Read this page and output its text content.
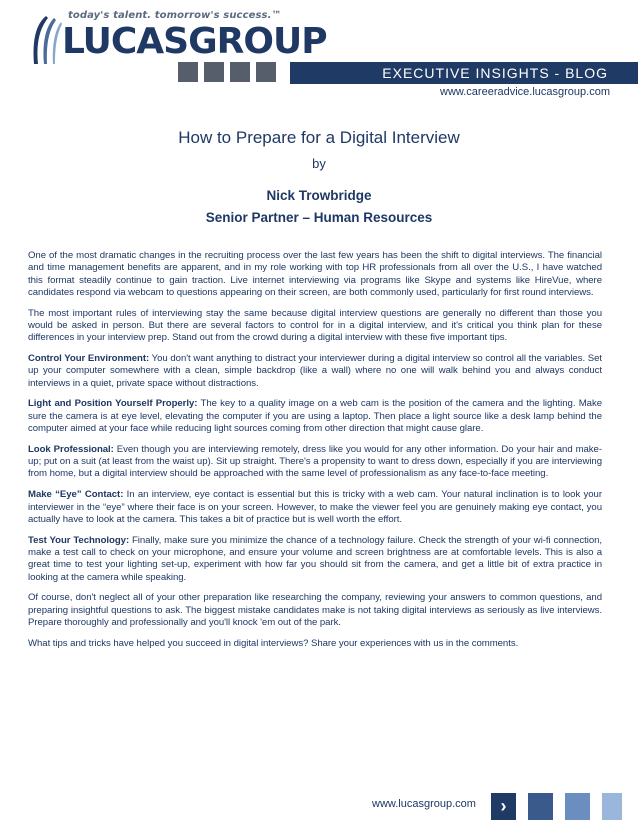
today's talent. tomorrow's success.™
LUCASGROUP
EXECUTIVE INSIGHTS - BLOG
www.careeradvice.lucasgroup.com
How to Prepare for a Digital Interview
by
Nick Trowbridge
Senior Partner – Human Resources

One of the most dramatic changes in the recruiting process over the last few years has been the shift to digital interviews. The financial and time management benefits are apparent, and in my role working with top HR professionals from all over the U.S., I have watched this format steadily continue to gain traction. Live internet interviewing via programs like Skype and systems like HireVue, where candidates respond via webcam to questions appearing on their screen, are both commonly used, particularly for first round interviews.

The most important rules of interviewing stay the same because digital interview questions are generally no different than those you would be asked in person. But there are several factors to control for in a digital interview, and it's critical you think plan for these differences in your interview prep. Stand out from the crowd during a digital interview with these five important tips.

Control Your Environment: You don't want anything to distract your interviewer during a digital interview so control all the variables. Set up your computer somewhere with a clean, simple backdrop (like a wall) where no one will walk behind you and always conduct interviews in a quiet, private space without distractions.

Light and Position Yourself Properly: The key to a quality image on a web cam is the position of the camera and the lighting. Make sure the camera is at eye level, elevating the computer if you are using a laptop. Then place a light source like a desk lamp behind the computer aimed at your face while reducing light sources coming from other direction that might cause glare.

Look Professional: Even though you are interviewing remotely, dress like you would for any other information. Do your hair and make-up; put on a suit (at least from the waist up). Sit up straight. There's a propensity to want to dress down, especially if you are interviewing from home, but a digital interview should be approached with the same level of professionalism as any face-to-face meeting.

Make “Eye” Contact: In an interview, eye contact is essential but this is tricky with a web cam. Your natural inclination is to look your interviewer in the “eye” where their face is on your screen. However, to make the viewer feel you are genuinely making eye contact, you actually have to look at the camera. This takes a bit of practice but is well worth the effort.

Test Your Technology: Finally, make sure you minimize the chance of a technology failure. Check the strength of your wi-fi connection, make a test call to check on your microphone, and ensure your volume and screen brightness are at comfortable levels. This is also a great time to test your lighting set-up, experiment with how far you should sit from the camera, and get a little bit of extra practice in looking at the camera while speaking.

Of course, don't neglect all of your other preparation like researching the company, reviewing your answers to common questions, and preparing insightful questions to ask. The biggest mistake candidates make is not taking digital interviews as seriously as live interviews. Prepare thoroughly and professionally and you'll knock 'em out of the park.

What tips and tricks have helped you succeed in digital interviews? Share your experiences with us in the comments.

www.lucasgroup.com	›
